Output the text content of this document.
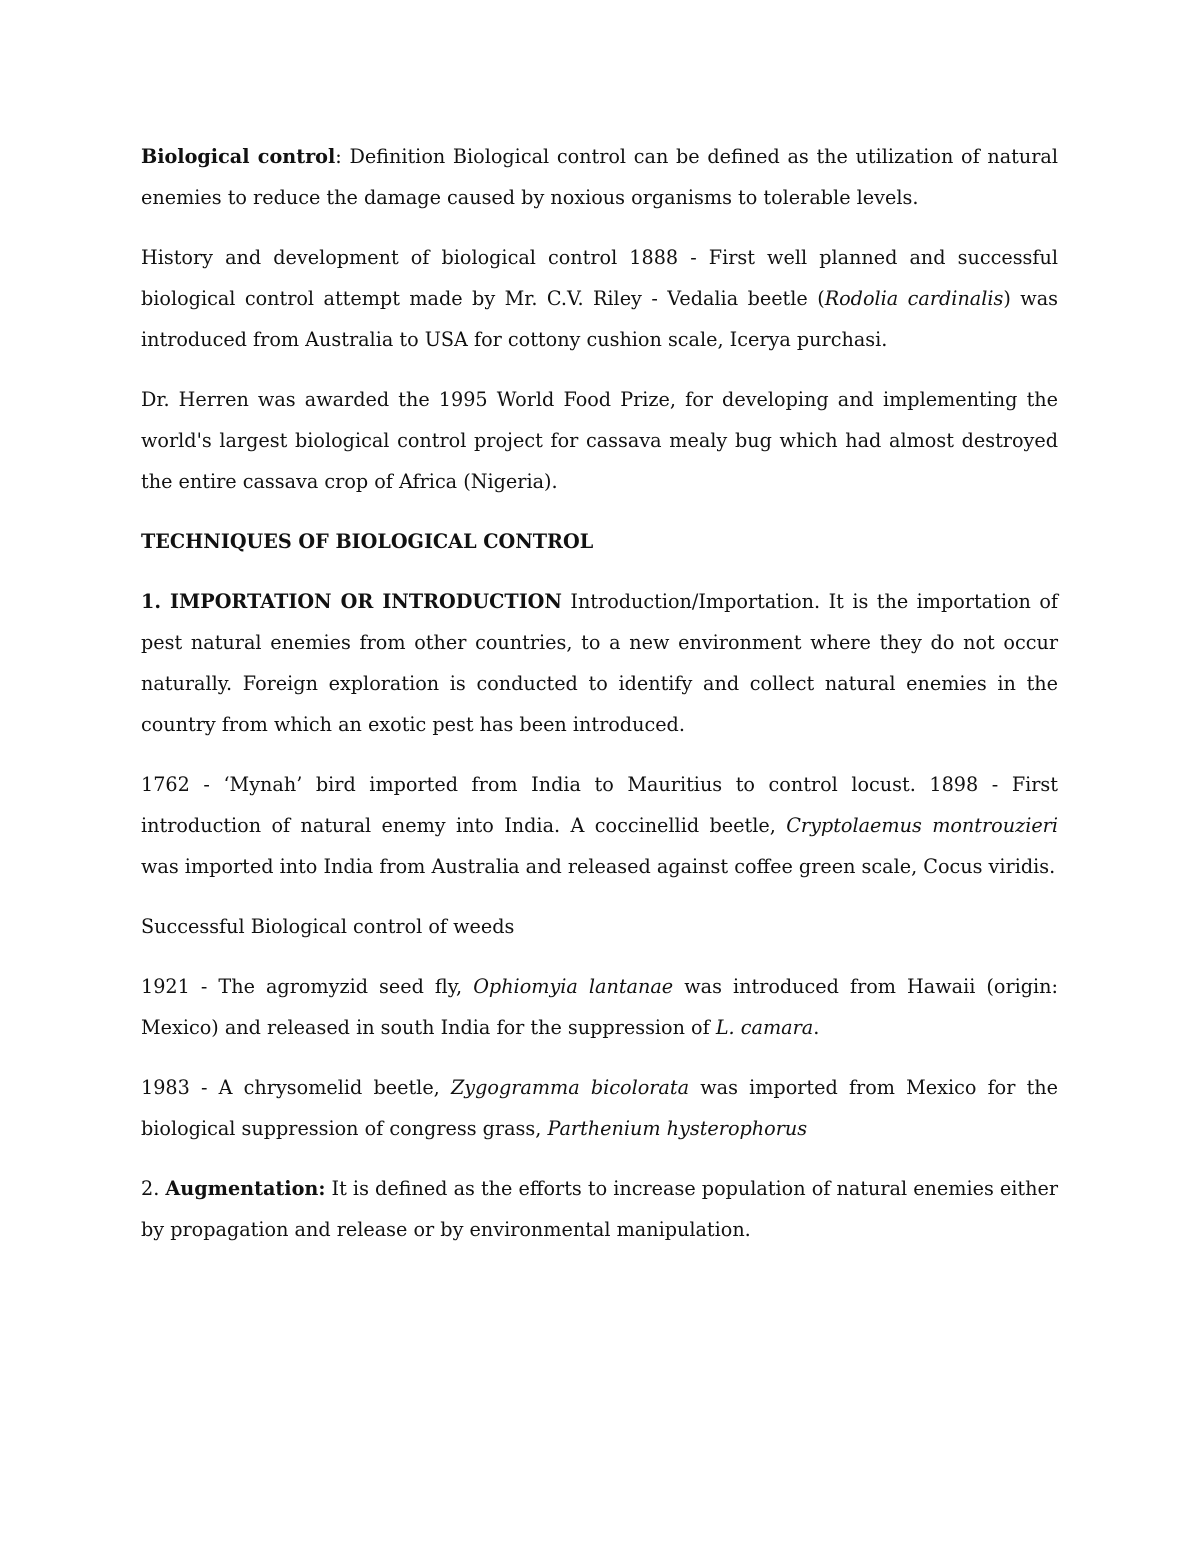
Biological control: Definition Biological control can be defined as the utilization of natural enemies to reduce the damage caused by noxious organisms to tolerable levels.

History and development of biological control 1888 - First well planned and successful biological control attempt made by Mr. C.V. Riley - Vedalia beetle (Rodolia cardinalis) was introduced from Australia to USA for cottony cushion scale, Icerya purchasi.

Dr. Herren was awarded the 1995 World Food Prize, for developing and implementing the world's largest biological control project for cassava mealy bug which had almost destroyed the entire cassava crop of Africa (Nigeria).

TECHNIQUES OF BIOLOGICAL CONTROL

1. IMPORTATION OR INTRODUCTION Introduction/Importation. It is the importation of pest natural enemies from other countries, to a new environment where they do not occur naturally. Foreign exploration is conducted to identify and collect natural enemies in the country from which an exotic pest has been introduced.

1762 - ‘Mynah’ bird imported from India to Mauritius to control locust. 1898 - First introduction of natural enemy into India. A coccinellid beetle, Cryptolaemus montrouzieri was imported into India from Australia and released against coffee green scale, Cocus viridis.

Successful Biological control of weeds

1921 - The agromyzid seed fly, Ophiomyia lantanae was introduced from Hawaii (origin: Mexico) and released in south India for the suppression of L. camara.

1983 - A chrysomelid beetle, Zygogramma bicolorata was imported from Mexico for the biological suppression of congress grass, Parthenium hysterophorus

2. Augmentation: It is defined as the efforts to increase population of natural enemies either by propagation and release or by environmental manipulation.
